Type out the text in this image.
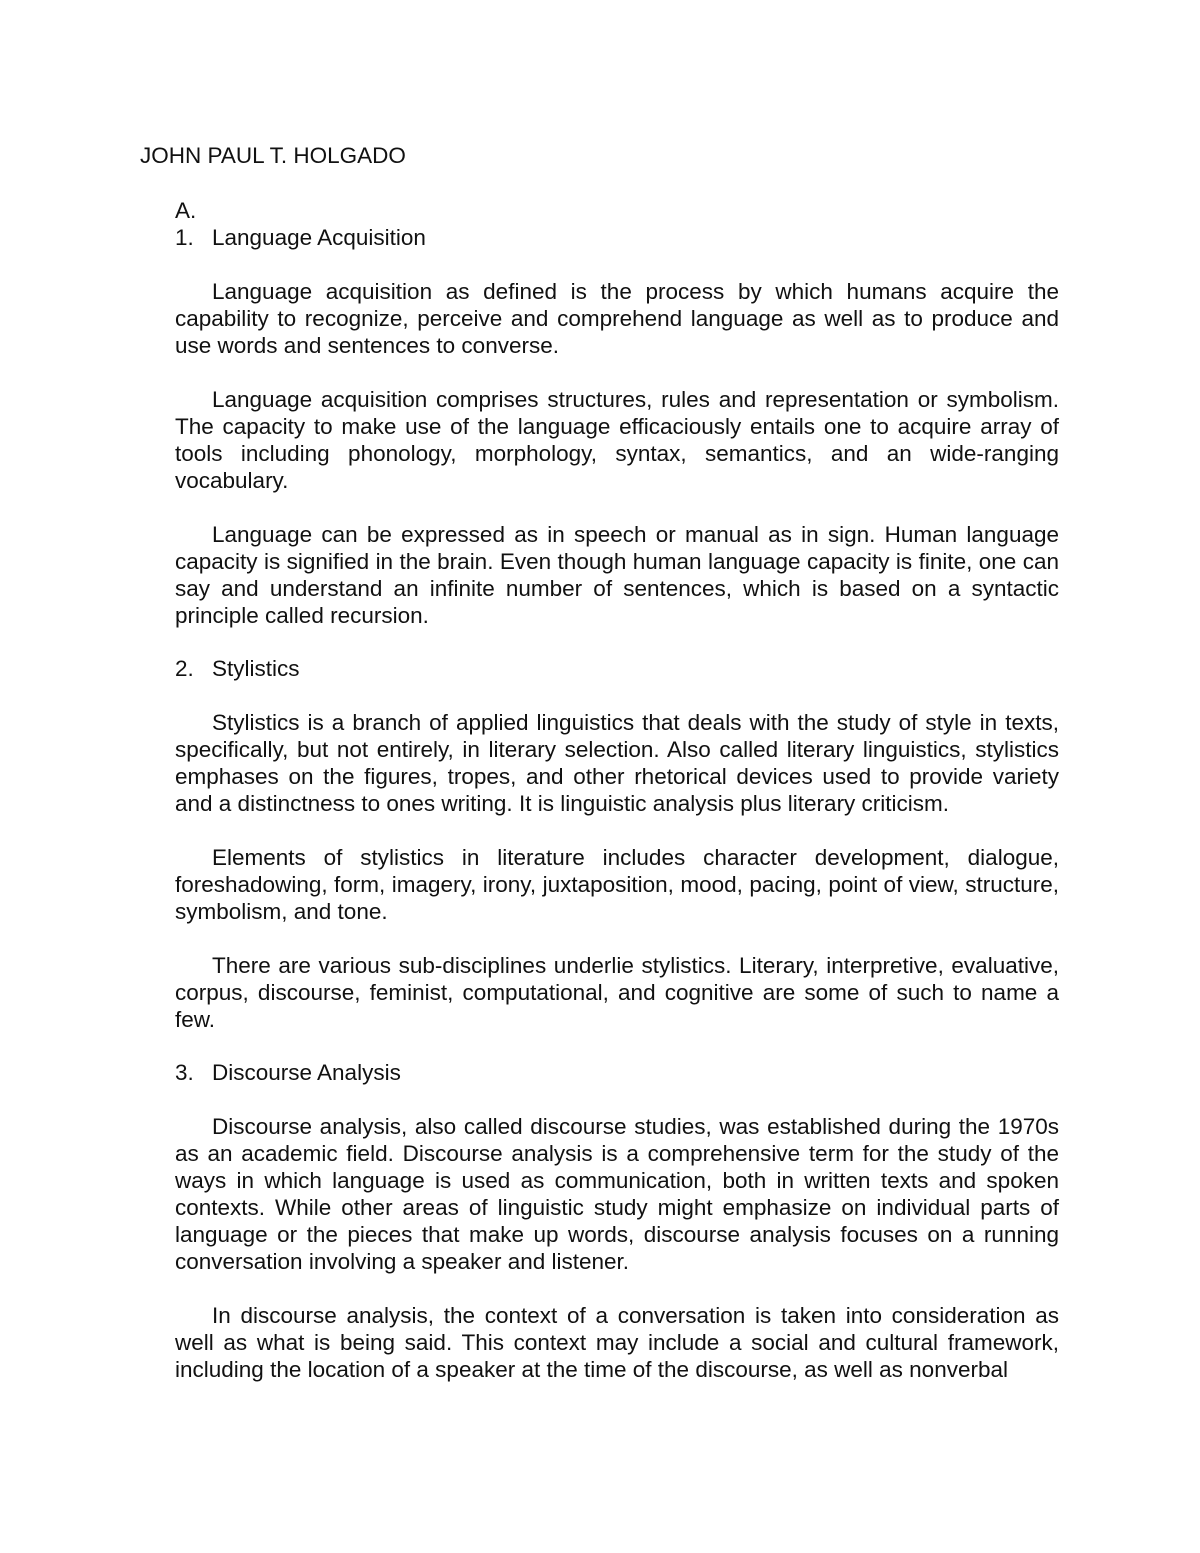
JOHN PAUL T. HOLGADO
A.
1. Language Acquisition

Language acquisition as defined is the process by which humans acquire the capability to recognize, perceive and comprehend language as well as to produce and use words and sentences to converse.

Language acquisition comprises structures, rules and representation or symbolism. The capacity to make use of the language efficaciously entails one to acquire array of tools including phonology, morphology, syntax, semantics, and an wide-ranging vocabulary.

Language can be expressed as in speech or manual as in sign. Human language capacity is signified in the brain. Even though human language capacity is finite, one can say and understand an infinite number of sentences, which is based on a syntactic principle called recursion.

2. Stylistics

Stylistics is a branch of applied linguistics that deals with the study of style in texts, specifically, but not entirely, in literary selection. Also called literary linguistics, stylistics emphases on the figures, tropes, and other rhetorical devices used to provide variety and a distinctness to ones writing. It is linguistic analysis plus literary criticism.

Elements of stylistics in literature includes character development, dialogue, foreshadowing, form, imagery, irony, juxtaposition, mood, pacing, point of view, structure, symbolism, and tone.

There are various sub-disciplines underlie stylistics. Literary, interpretive, evaluative, corpus, discourse, feminist, computational, and cognitive are some of such to name a few.

3. Discourse Analysis

Discourse analysis, also called discourse studies, was established during the 1970s as an academic field. Discourse analysis is a comprehensive term for the study of the ways in which language is used as communication, both in written texts and spoken contexts. While other areas of linguistic study might emphasize on individual parts of language or the pieces that make up words, discourse analysis focuses on a running conversation involving a speaker and listener.

In discourse analysis, the context of a conversation is taken into consideration as well as what is being said. This context may include a social and cultural framework, including the location of a speaker at the time of the discourse, as well as nonverbal
